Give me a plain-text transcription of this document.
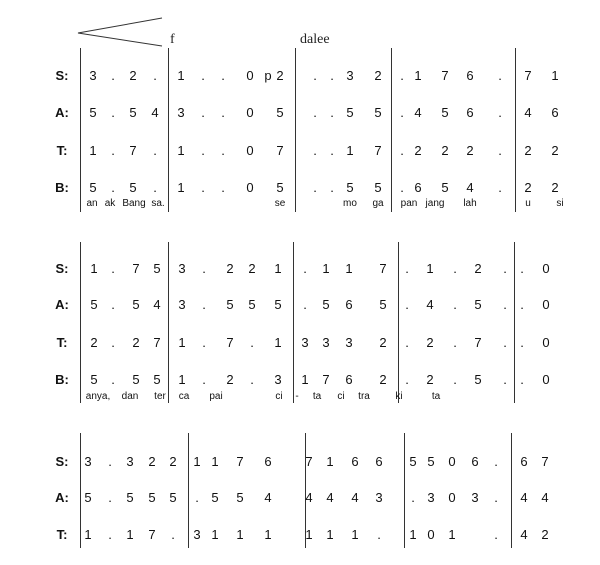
f	dalee
S: 3 . 2 . 1 . . 0 p 2 . . 3 2 . 1 7 6 . 7 1
A: 5 . 5 4 3 . . 0 5 . . 5 5 . 4 5 6 . 4 6
T: 1 . 7 . 1 . . 0 7 . . 1 7 . 2 2 2 . 2 2
B: 5 . 5 . 1 . . 0 5 . . 5 5 . 6 5 4 . 2 2
an ak Bang sa.	se	mo ga pan jang lah	u	si
S: 1 . 7 5 3 . 2 2 1 . 1 1 7 . 1 . 2 . . 0
A: 5 . 5 4 3 . 5 5 5 . 5 6 5 . 4 . 5 . . 0
T: 2 . 2 7 1 . 7 . 1 3 3 3 2 . 2 . 7 . . 0
B: 5 . 5 5 1 . 2 . 3 1 7 6 2 . 2 . 5 . . 0
anya, dan ter ca pai	ci - ta ci tra	ki	ta
S: 3 . 3 2 2 1 1 7 6	7 1 6 6 5 5 0 6 . 6 7
A: 5 . 5 5 5 . 5 5 4	4 4 4 3 . 3 0 3 . 4 4
T: 1 . 1 7 . 3 1 1 1	1 1 1 . 1 0 1	. 4 2
